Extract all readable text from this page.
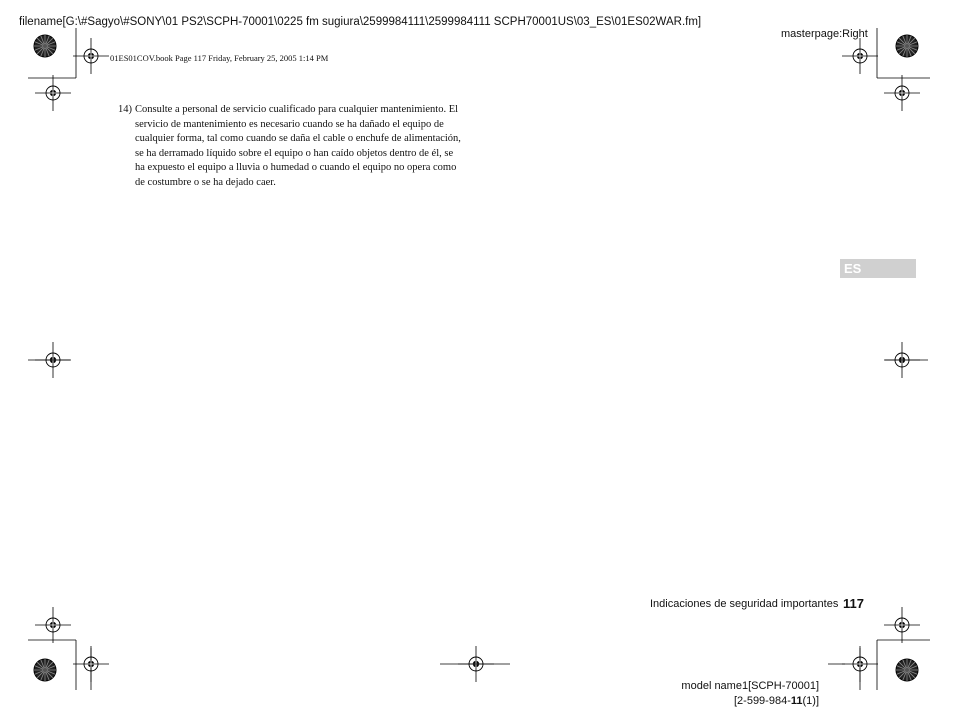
filename[G:\#Sagyo\#SONY\01 PS2\SCPH-70001\0225 fm sugiura\2599984111\2599984111 SCPH70001US\03_ES\01ES02WAR.fm]
masterpage:Right
01ES01COV.book Page 117 Friday, February 25, 2005 1:14 PM
14) Consulte a personal de servicio cualificado para cualquier mantenimiento. El servicio de mantenimiento es necesario cuando se ha dañado el equipo de cualquier forma, tal como cuando se daña el cable o enchufe de alimentación, se ha derramado líquido sobre el equipo o han caído objetos dentro de él, se ha expuesto el equipo a lluvia o humedad o cuando el equipo no opera como de costumbre o se ha dejado caer.
ES
Indicaciones de seguridad importantes 117
model name1[SCPH-70001]
[2-599-984-11(1)]
